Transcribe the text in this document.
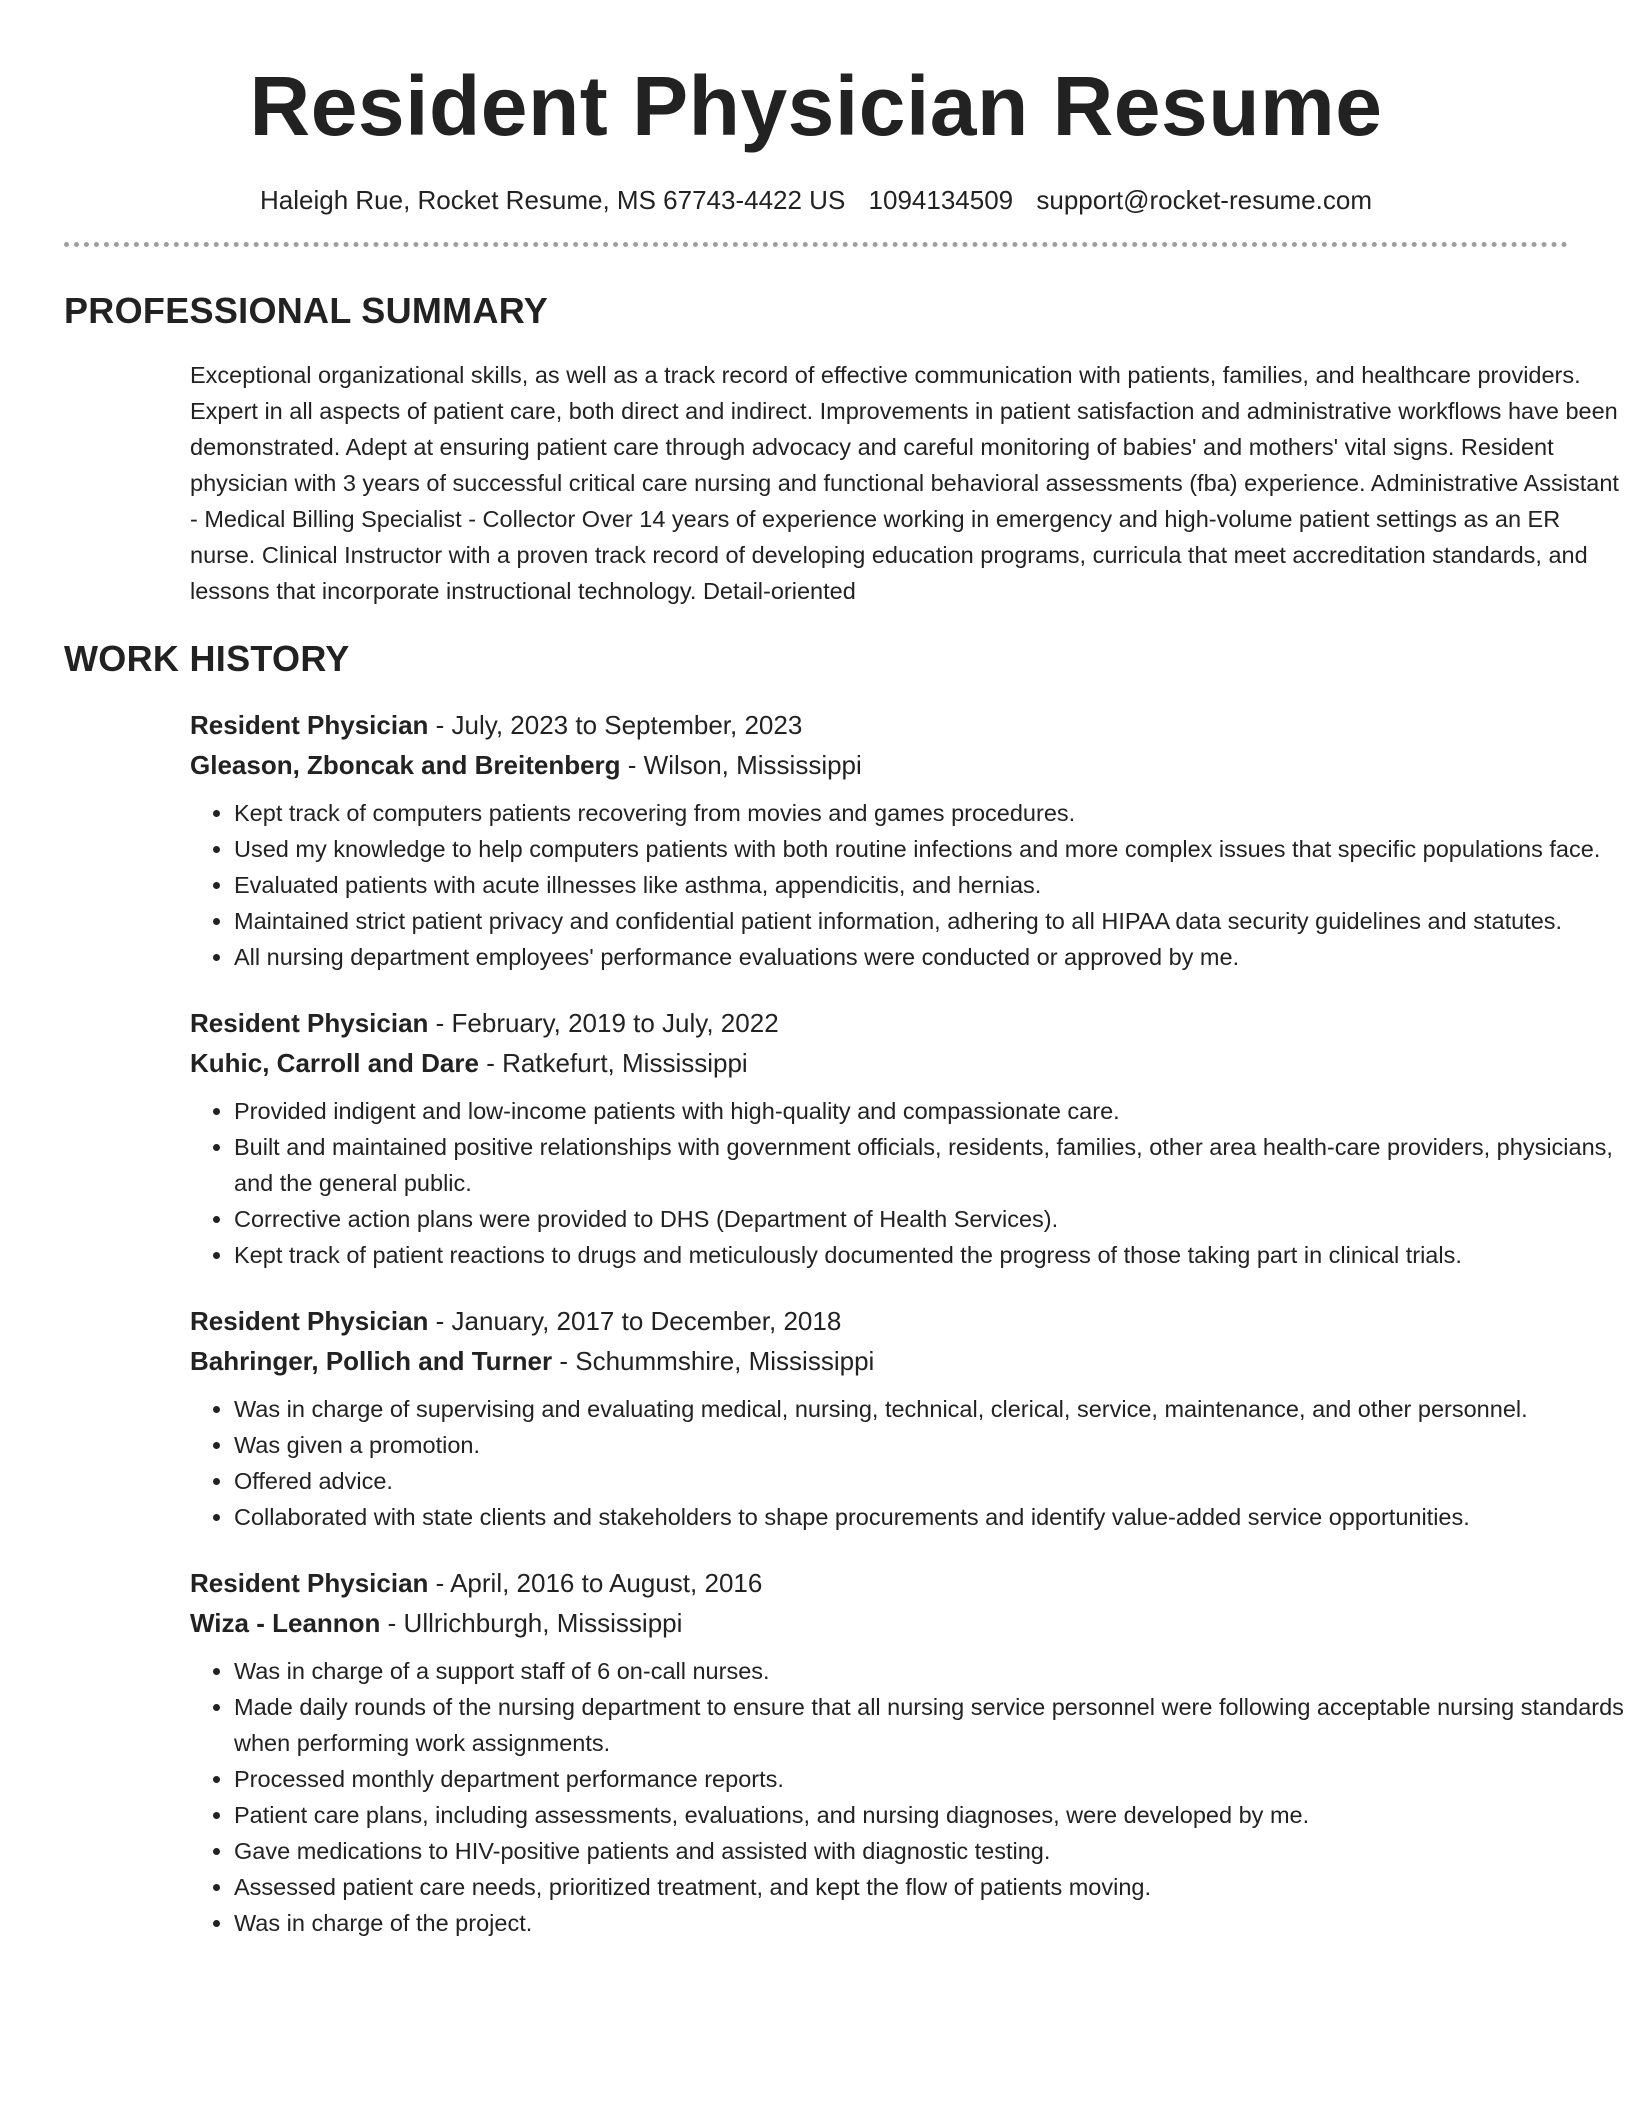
Resident Physician Resume
Haleigh Rue, Rocket Resume, MS 67743-4422 US 1094134509 support@rocket-resume.com
PROFESSIONAL SUMMARY

Exceptional organizational skills, as well as a track record of effective communication with patients, families, and healthcare providers. Expert in all aspects of patient care, both direct and indirect. Improvements in patient satisfaction and administrative workflows have been demonstrated. Adept at ensuring patient care through advocacy and careful monitoring of babies' and mothers' vital signs. Resident physician with 3 years of successful critical care nursing and functional behavioral assessments (fba) experience. Administrative Assistant - Medical Billing Specialist - Collector Over 14 years of experience working in emergency and high-volume patient settings as an ER nurse. Clinical Instructor with a proven track record of developing education programs, curricula that meet accreditation standards, and lessons that incorporate instructional technology. Detail-oriented

WORK HISTORY
Resident Physician - July, 2023 to September, 2023
Gleason, Zboncak and Breitenberg - Wilson, Mississippi
• Kept track of computers patients recovering from movies and games procedures.
• Used my knowledge to help computers patients with both routine infections and more complex issues that specific populations face.
• Evaluated patients with acute illnesses like asthma, appendicitis, and hernias.
• Maintained strict patient privacy and confidential patient information, adhering to all HIPAA data security guidelines and statutes.
• All nursing department employees' performance evaluations were conducted or approved by me.
Resident Physician - February, 2019 to July, 2022
Kuhic, Carroll and Dare - Ratkefurt, Mississippi
• Provided indigent and low-income patients with high-quality and compassionate care.
• Built and maintained positive relationships with government officials, residents, families, other area health-care providers, physicians, and the general public.
• Corrective action plans were provided to DHS (Department of Health Services).
• Kept track of patient reactions to drugs and meticulously documented the progress of those taking part in clinical trials.
Resident Physician - January, 2017 to December, 2018
Bahringer, Pollich and Turner - Schummshire, Mississippi
• Was in charge of supervising and evaluating medical, nursing, technical, clerical, service, maintenance, and other personnel.
• Was given a promotion.
• Offered advice.
• Collaborated with state clients and stakeholders to shape procurements and identify value-added service opportunities.
Resident Physician - April, 2016 to August, 2016
Wiza - Leannon - Ullrichburgh, Mississippi
• Was in charge of a support staff of 6 on-call nurses.
• Made daily rounds of the nursing department to ensure that all nursing service personnel were following acceptable nursing standards when performing work assignments.
• Processed monthly department performance reports.
• Patient care plans, including assessments, evaluations, and nursing diagnoses, were developed by me.
• Gave medications to HIV-positive patients and assisted with diagnostic testing.
• Assessed patient care needs, prioritized treatment, and kept the flow of patients moving.
• Was in charge of the project.
